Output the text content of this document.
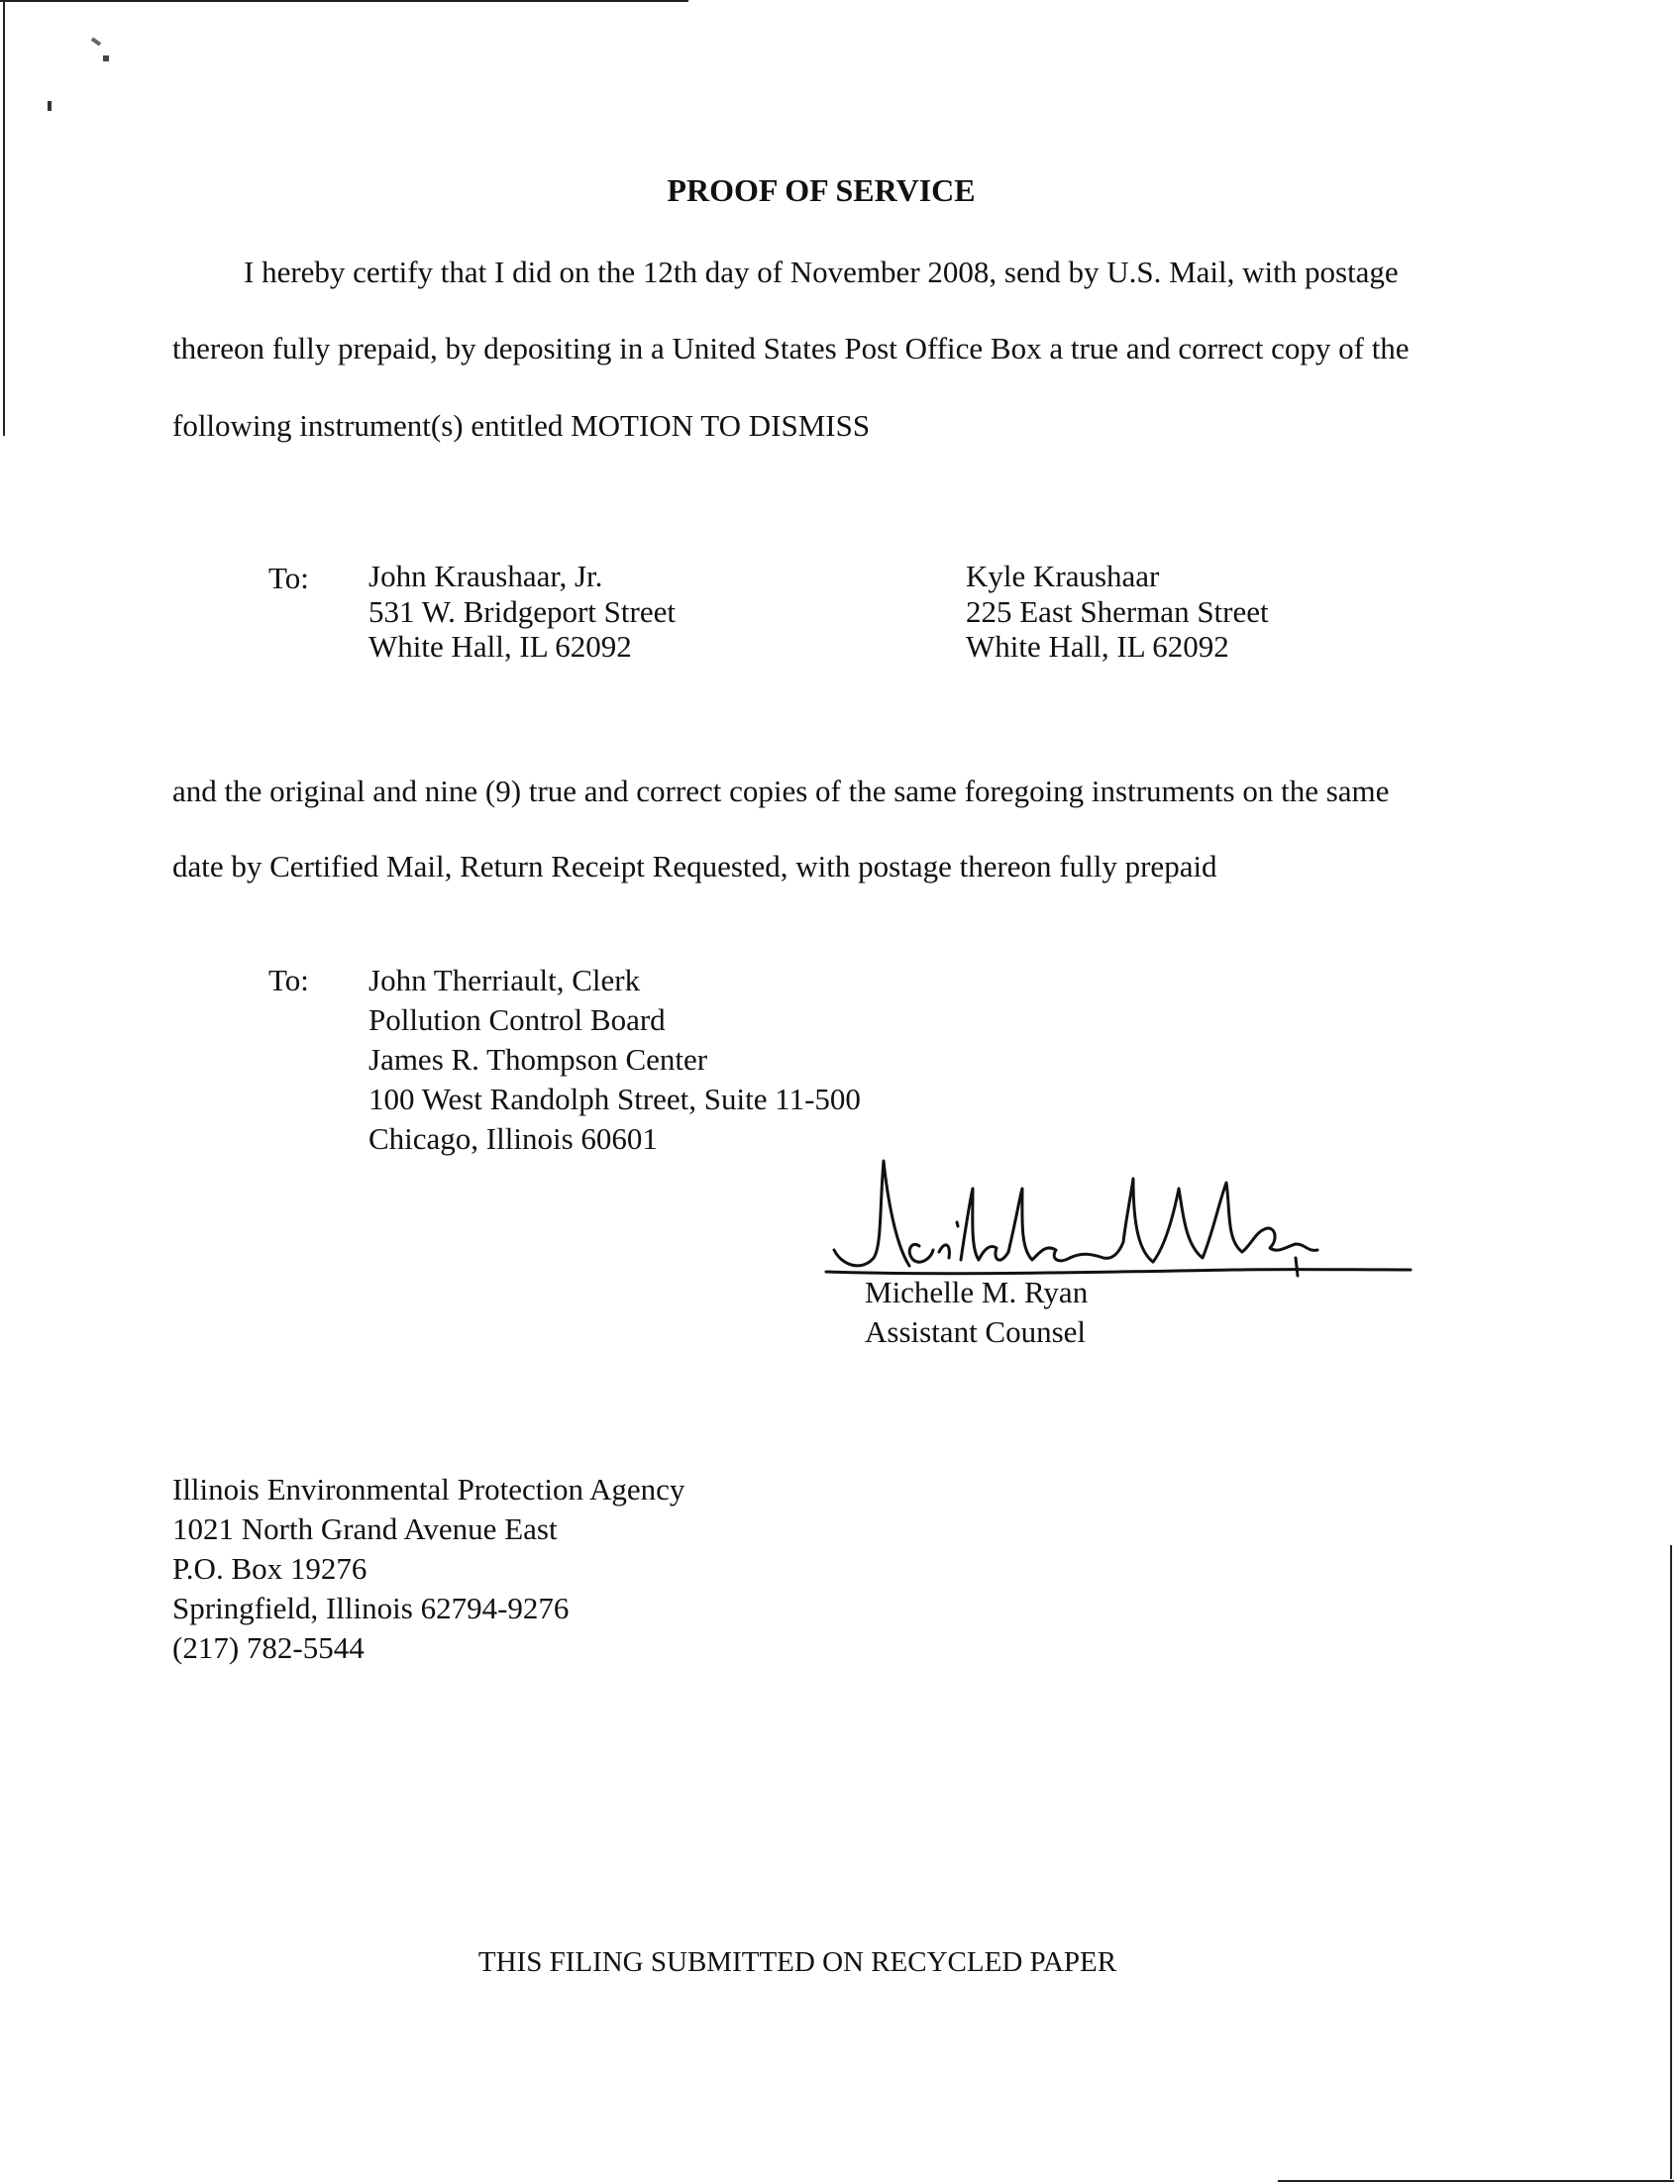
PROOF OF SERVICE
I hereby certify that I did on the 12th day of November 2008, send by U.S. Mail, with postage
thereon fully prepaid, by depositing in a United States Post Office Box a true and correct copy of the
following instrument(s) entitled MOTION TO DISMISS
To: John Kraushaar, Jr.
531 W. Bridgeport Street
White Hall, IL 62092
Kyle Kraushaar
225 East Sherman Street
White Hall, IL 62092
and the original and nine (9) true and correct copies of the same foregoing instruments on the same
date by Certified Mail, Return Receipt Requested, with postage thereon fully prepaid
To: John Therriault, Clerk
Pollution Control Board
James R. Thompson Center
100 West Randolph Street, Suite 11-500
Chicago, Illinois 60601
Michelle M. Ryan
Assistant Counsel
Illinois Environmental Protection Agency
1021 North Grand Avenue East
P.O. Box 19276
Springfield, Illinois 62794-9276
(217) 782-5544
THIS FILING SUBMITTED ON RECYCLED PAPER
